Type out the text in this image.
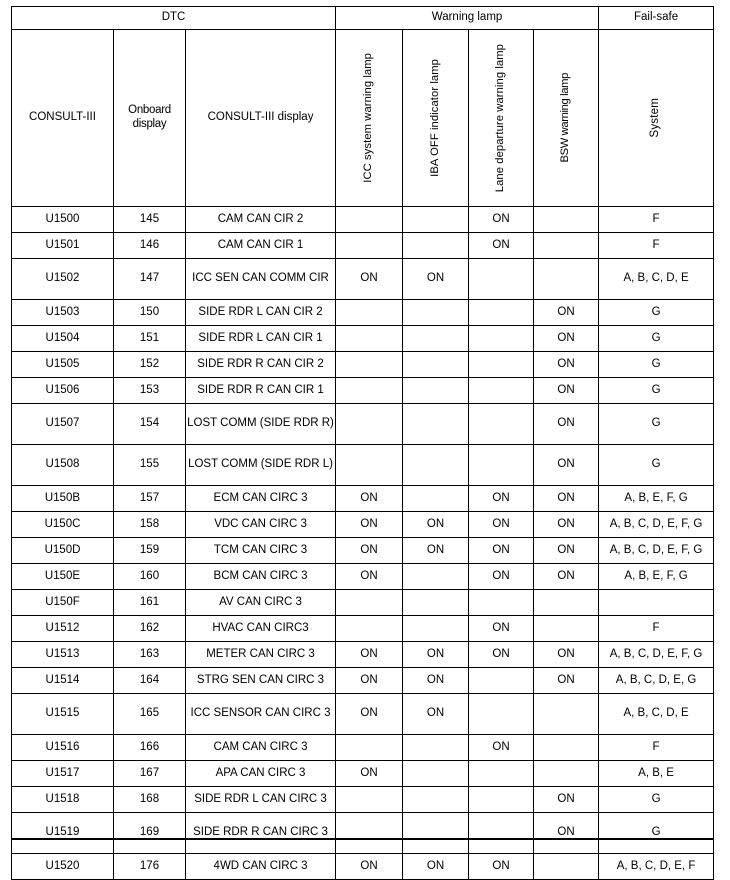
DTC			Warning lamp				Fail-safe
CONSULT-III	Onboard display	CONSULT-III display	ICC system warning lamp	IBA OFF indicator lamp	Lane departure warning lamp	BSW warning lamp	System

U1500	145	CAM CAN CIR 2			ON		F
U1501	146	CAM CAN CIR 1			ON		F
U1502	147	ICC SEN CAN COMM CIR	ON	ON			A, B, C, D, E
U1503	150	SIDE RDR L CAN CIR 2				ON	G
U1504	151	SIDE RDR L CAN CIR 1				ON	G
U1505	152	SIDE RDR R CAN CIR 2				ON	G
U1506	153	SIDE RDR R CAN CIR 1				ON	G
U1507	154	LOST COMM (SIDE RDR R)				ON	G
U1508	155	LOST COMM (SIDE RDR L)				ON	G
U150B	157	ECM CAN CIRC 3	ON		ON	ON	A, B, E, F, G
U150C	158	VDC CAN CIRC 3	ON	ON	ON	ON	A, B, C, D, E, F, G
U150D	159	TCM CAN CIRC 3	ON	ON	ON	ON	A, B, C, D, E, F, G
U150E	160	BCM CAN CIRC 3	ON		ON	ON	A, B, E, F, G
U150F	161	AV CAN CIRC 3					
U1512	162	HVAC CAN CIRC3			ON		F
U1513	163	METER CAN CIRC 3	ON	ON	ON	ON	A, B, C, D, E, F, G
U1514	164	STRG SEN CAN CIRC 3	ON	ON		ON	A, B, C, D, E, G
U1515	165	ICC SENSOR CAN CIRC 3	ON	ON			A, B, C, D, E
U1516	166	CAM CAN CIRC 3			ON		F
U1517	167	APA CAN CIRC 3	ON				A, B, E
U1518	168	SIDE RDR L CAN CIRC 3				ON	G
U1519	169	SIDE RDR R CAN CIRC 3				ON	G
U1520	176	4WD CAN CIRC 3	ON	ON	ON		A, B, C, D, E, F
